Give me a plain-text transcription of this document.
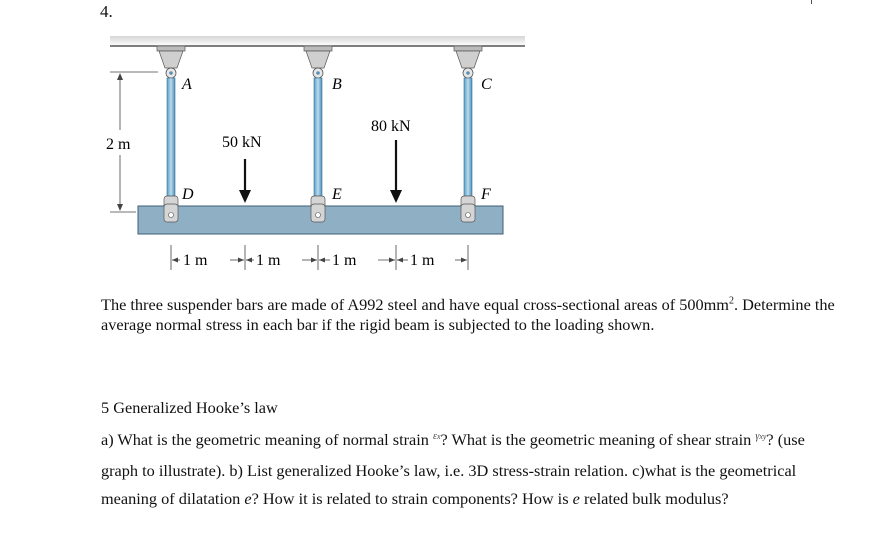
4.
A	B	C
D	E	F
2 m	50 kN
80 kN
1 m	1 m	1 m	1 m
The three suspender bars are made of A992 steel and have equal cross-sectional areas of $500mm^2$. Determine the average normal stress in each bar if the rigid beam is subjected to the loading shown.
5 Generalized Hooke’s law
a) What is the geometric meaning of normal strain $^{\varepsilon x}$? What is the geometric meaning of shear strain $^{\gamma xy}$? (use graph to illustrate). b) List generalized Hooke’s law, i.e. 3D stress-strain relation. c)what is the geometrical meaning of dilatation e? How it is related to strain components? How is e related bulk modulus?
